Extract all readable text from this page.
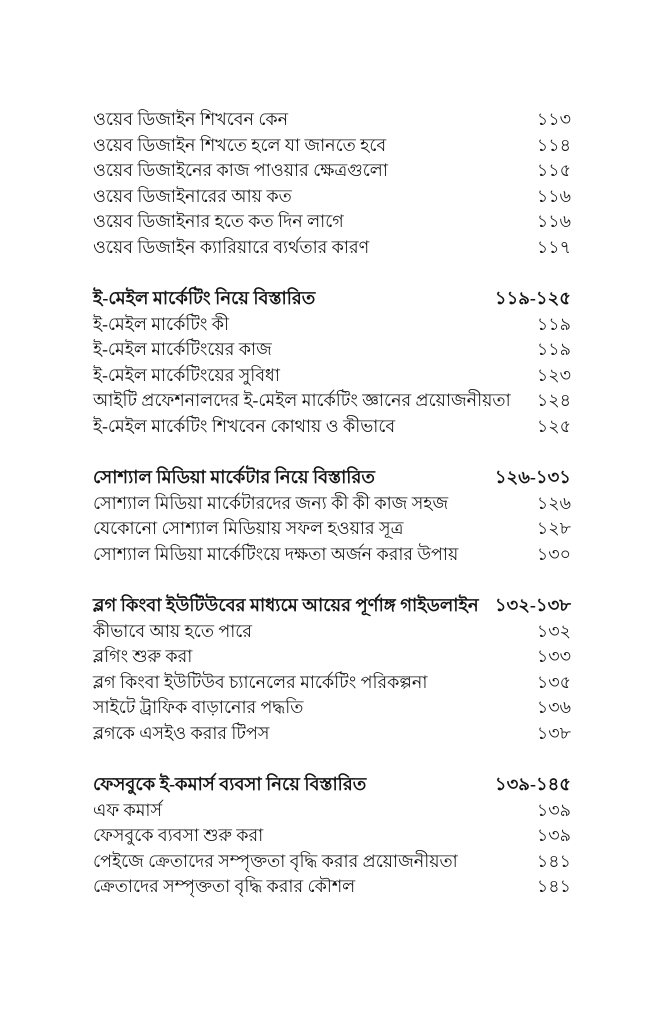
ওয়েব ডিজাইন শিখবেন কেন	১১৩
ওয়েব ডিজাইন শিখতে হলে যা জানতে হবে	১১৪
ওয়েব ডিজাইনের কাজ পাওয়ার ক্ষেত্রগুলো	১১৫
ওয়েব ডিজাইনারের আয় কত	১১৬
ওয়েব ডিজাইনার হতে কত দিন লাগে	১১৬
ওয়েব ডিজাইন ক্যারিয়ারে ব্যর্থতার কারণ	১১৭
ই-মেইল মার্কেটিং নিয়ে বিস্তারিত	১১৯-১২৫
ই-মেইল মার্কেটিং কী	১১৯
ই-মেইল মার্কেটিংয়ের কাজ	১১৯
ই-মেইল মার্কেটিংয়ের সুবিধা	১২৩
আইটি প্রফেশনালদের ই-মেইল মার্কেটিং জ্ঞানের প্রয়োজনীয়তা	১২৪
ই-মেইল মার্কেটিং শিখবেন কোথায় ও কীভাবে	১২৫
সোশ্যাল মিডিয়া মার্কেটার নিয়ে বিস্তারিত	১২৬-১৩১
সোশ্যাল মিডিয়া মার্কেটারদের জন্য কী কী কাজ সহজ	১২৬
যেকোনো সোশ্যাল মিডিয়ায় সফল হওয়ার সূত্র	১২৮
সোশ্যাল মিডিয়া মার্কেটিংয়ে দক্ষতা অর্জন করার উপায়	১৩০
ব্লগ কিংবা ইউটিউবের মাধ্যমে আয়ের পূর্ণাঙ্গ গাইডলাইন ১৩২-১৩৮
কীভাবে আয় হতে পারে	১৩২
ব্লগিং শুরু করা	১৩৩
ব্লগ কিংবা ইউটিউব চ্যানেলের মার্কেটিং পরিকল্পনা	১৩৫
সাইটে ট্রাফিক বাড়ানোর পদ্ধতি	১৩৬
ব্লগকে এসইও করার টিপস	১৩৮
ফেসবুকে ই-কমার্স ব্যবসা নিয়ে বিস্তারিত	১৩৯-১৪৫
এফ কমার্স	১৩৯
ফেসবুকে ব্যবসা শুরু করা	১৩৯
পেইজে ক্রেতাদের সম্পৃক্ততা বৃদ্ধি করার প্রয়োজনীয়তা	১৪১
ক্রেতাদের সম্পৃক্ততা বৃদ্ধি করার কৌশল	১৪১
